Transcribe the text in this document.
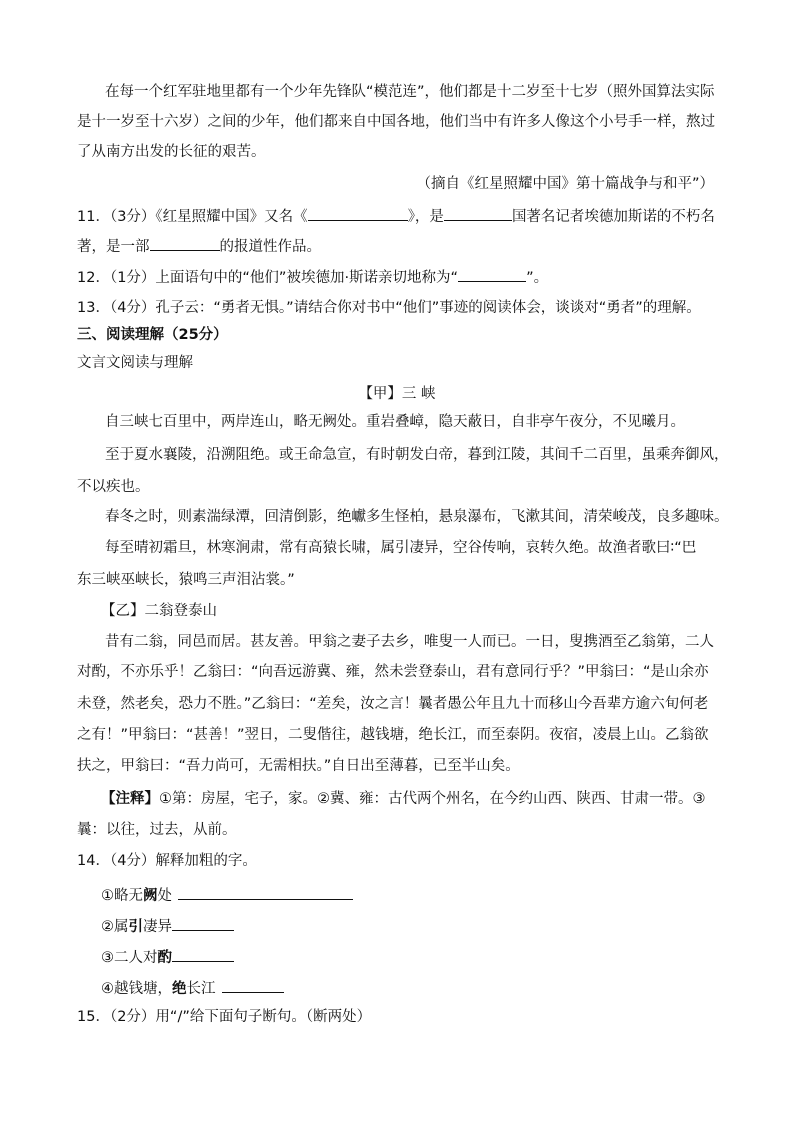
在每一个红军驻地里都有一个少年先锋队“模范连”，他们都是十二岁至十七岁（照外国算法实际
是十一岁至十六岁）之间的少年，他们都来自中国各地，他们当中有许多人像这个小号手一样，熬过
了从南方出发的长征的艰苦。
（摘自《红星照耀中国》第十篇战争与和平”）
11．（3分）《红星照耀中国》又名《	》，是	国著名记者埃德加斯诺的不朽名
著，是一部	的报道性作品。
12．（1分）上面语句中的“他们”被埃德加·斯诺亲切地称为“	”。
13．（4分）孔子云：“勇者无惧。”请结合你对书中“他们”事迹的阅读体会，谈谈对“勇者”的理解。
三、阅读理解（25分）
文言文阅读与理解
【甲】三 峡
自三峡七百里中，两岸连山，略无阙处。重岩叠嶂，隐天蔽日，自非亭午夜分，不见曦月。
至于夏水襄陵，沿溯阻绝。或王命急宣，有时朝发白帝，暮到江陵，其间千二百里，虽乘奔御风，
不以疾也。
春冬之时，则素湍绿潭，回清倒影，绝巘多生怪柏，悬泉瀑布，飞漱其间，清荣峻茂，良多趣味。
每至晴初霜旦，林寒涧肃，常有高猿长啸，属引凄异，空谷传响，哀转久绝。故渔者歌曰∶“巴
东三峡巫峡长，猿鸣三声泪沾裳。”
【乙】二翁登泰山
昔有二翁，同邑而居。甚友善。甲翁之妻子去乡，唯叟一人而已。一日，叟携酒至乙翁第，二人
对酌，不亦乐乎！乙翁曰：“向吾远游冀、雍，然未尝登泰山，君有意同行乎？”甲翁曰：“是山余亦
未登，然老矣，恐力不胜。”乙翁曰：“差矣，汝之言！曩者愚公年且九十而移山今吾辈方逾六旬何老
之有！”甲翁曰：“甚善！”翌日，二叟偕往，越钱塘，绝长江，而至泰阴。夜宿，凌晨上山。乙翁欲
扶之，甲翁曰：“吾力尚可，无需相扶。”自日出至薄暮，已至半山矣。
【注释】①第：房屋，宅子，家。②冀、雍：古代两个州名，在今约山西、陕西、甘肃一带。③
曩：以往，过去，从前。
14．（4分）解释加粗的字。
①略无阙处
②属引凄异
③二人对酌
④越钱塘，绝长江
15．（2分）用“/”给下面句子断句。（断两处）
